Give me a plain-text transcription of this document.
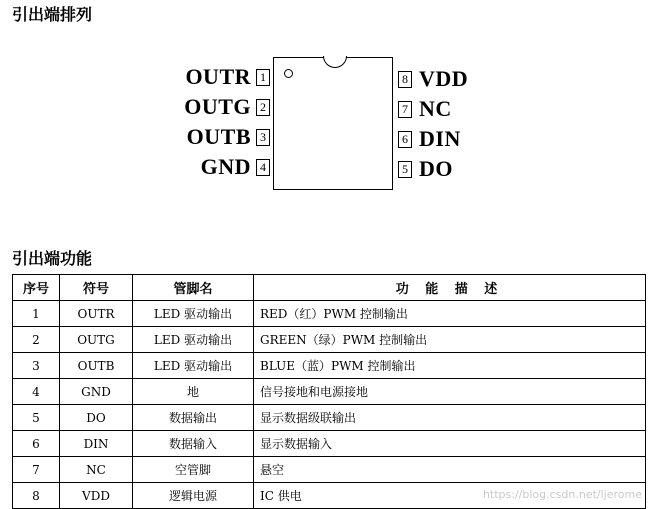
引出端排列
OUTR 1
OUTG 2
OUTB 3
GND 4
8 VDD
7 NC
6 DIN
5 DO
引出端功能
序号	符号	管脚名	功 能 描 述
1	OUTR	LED 驱动输出	RED（红）PWM 控制输出
2	OUTG	LED 驱动输出	GREEN（绿）PWM 控制输出
3	OUTB	LED 驱动输出	BLUE（蓝）PWM 控制输出
4	GND	地	信号接地和电源接地
5	DO	数据输出	显示数据级联输出
6	DIN	数据输入	显示数据输入
7	NC	空管脚	悬空
8	VDD	逻辑电源	IC 供电	https://blog.csdn.net/ljerome
